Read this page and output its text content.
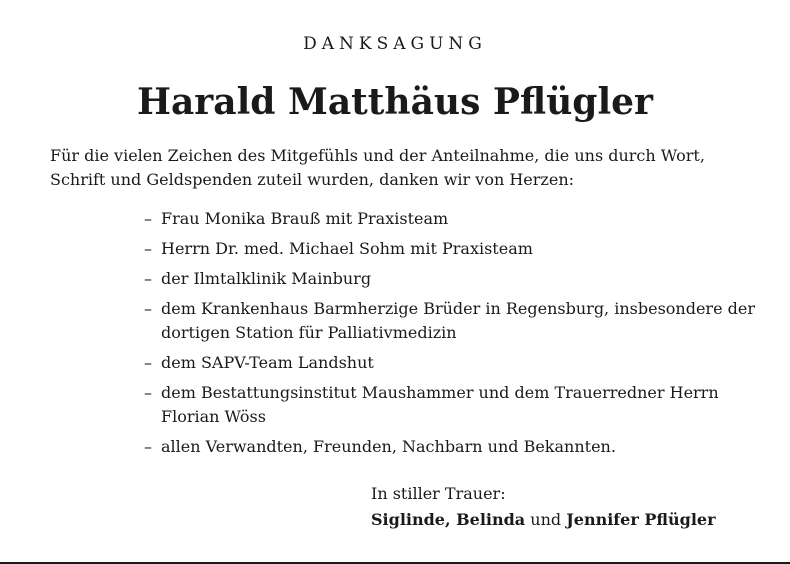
DANKSAGUNG
Harald Matthäus Pflügler

Für die vielen Zeichen des Mitgefühls und der Anteilnahme, die uns durch Wort, Schrift und Geldspenden zuteil wurden, danken wir von Herzen:

– Frau Monika Brauß mit Praxisteam
– Herrn Dr. med. Michael Sohm mit Praxisteam
– der Ilmtalklinik Mainburg
– dem Krankenhaus Barmherzige Brüder in Regensburg, insbesondere der dortigen Station für Palliativmedizin
– dem SAPV-Team Landshut
– dem Bestattungsinstitut Maushammer und dem Trauerredner Herrn Florian Wöss
– allen Verwandten, Freunden, Nachbarn und Bekannten.
In stiller Trauer:
Siglinde, Belinda und Jennifer Pflügler
